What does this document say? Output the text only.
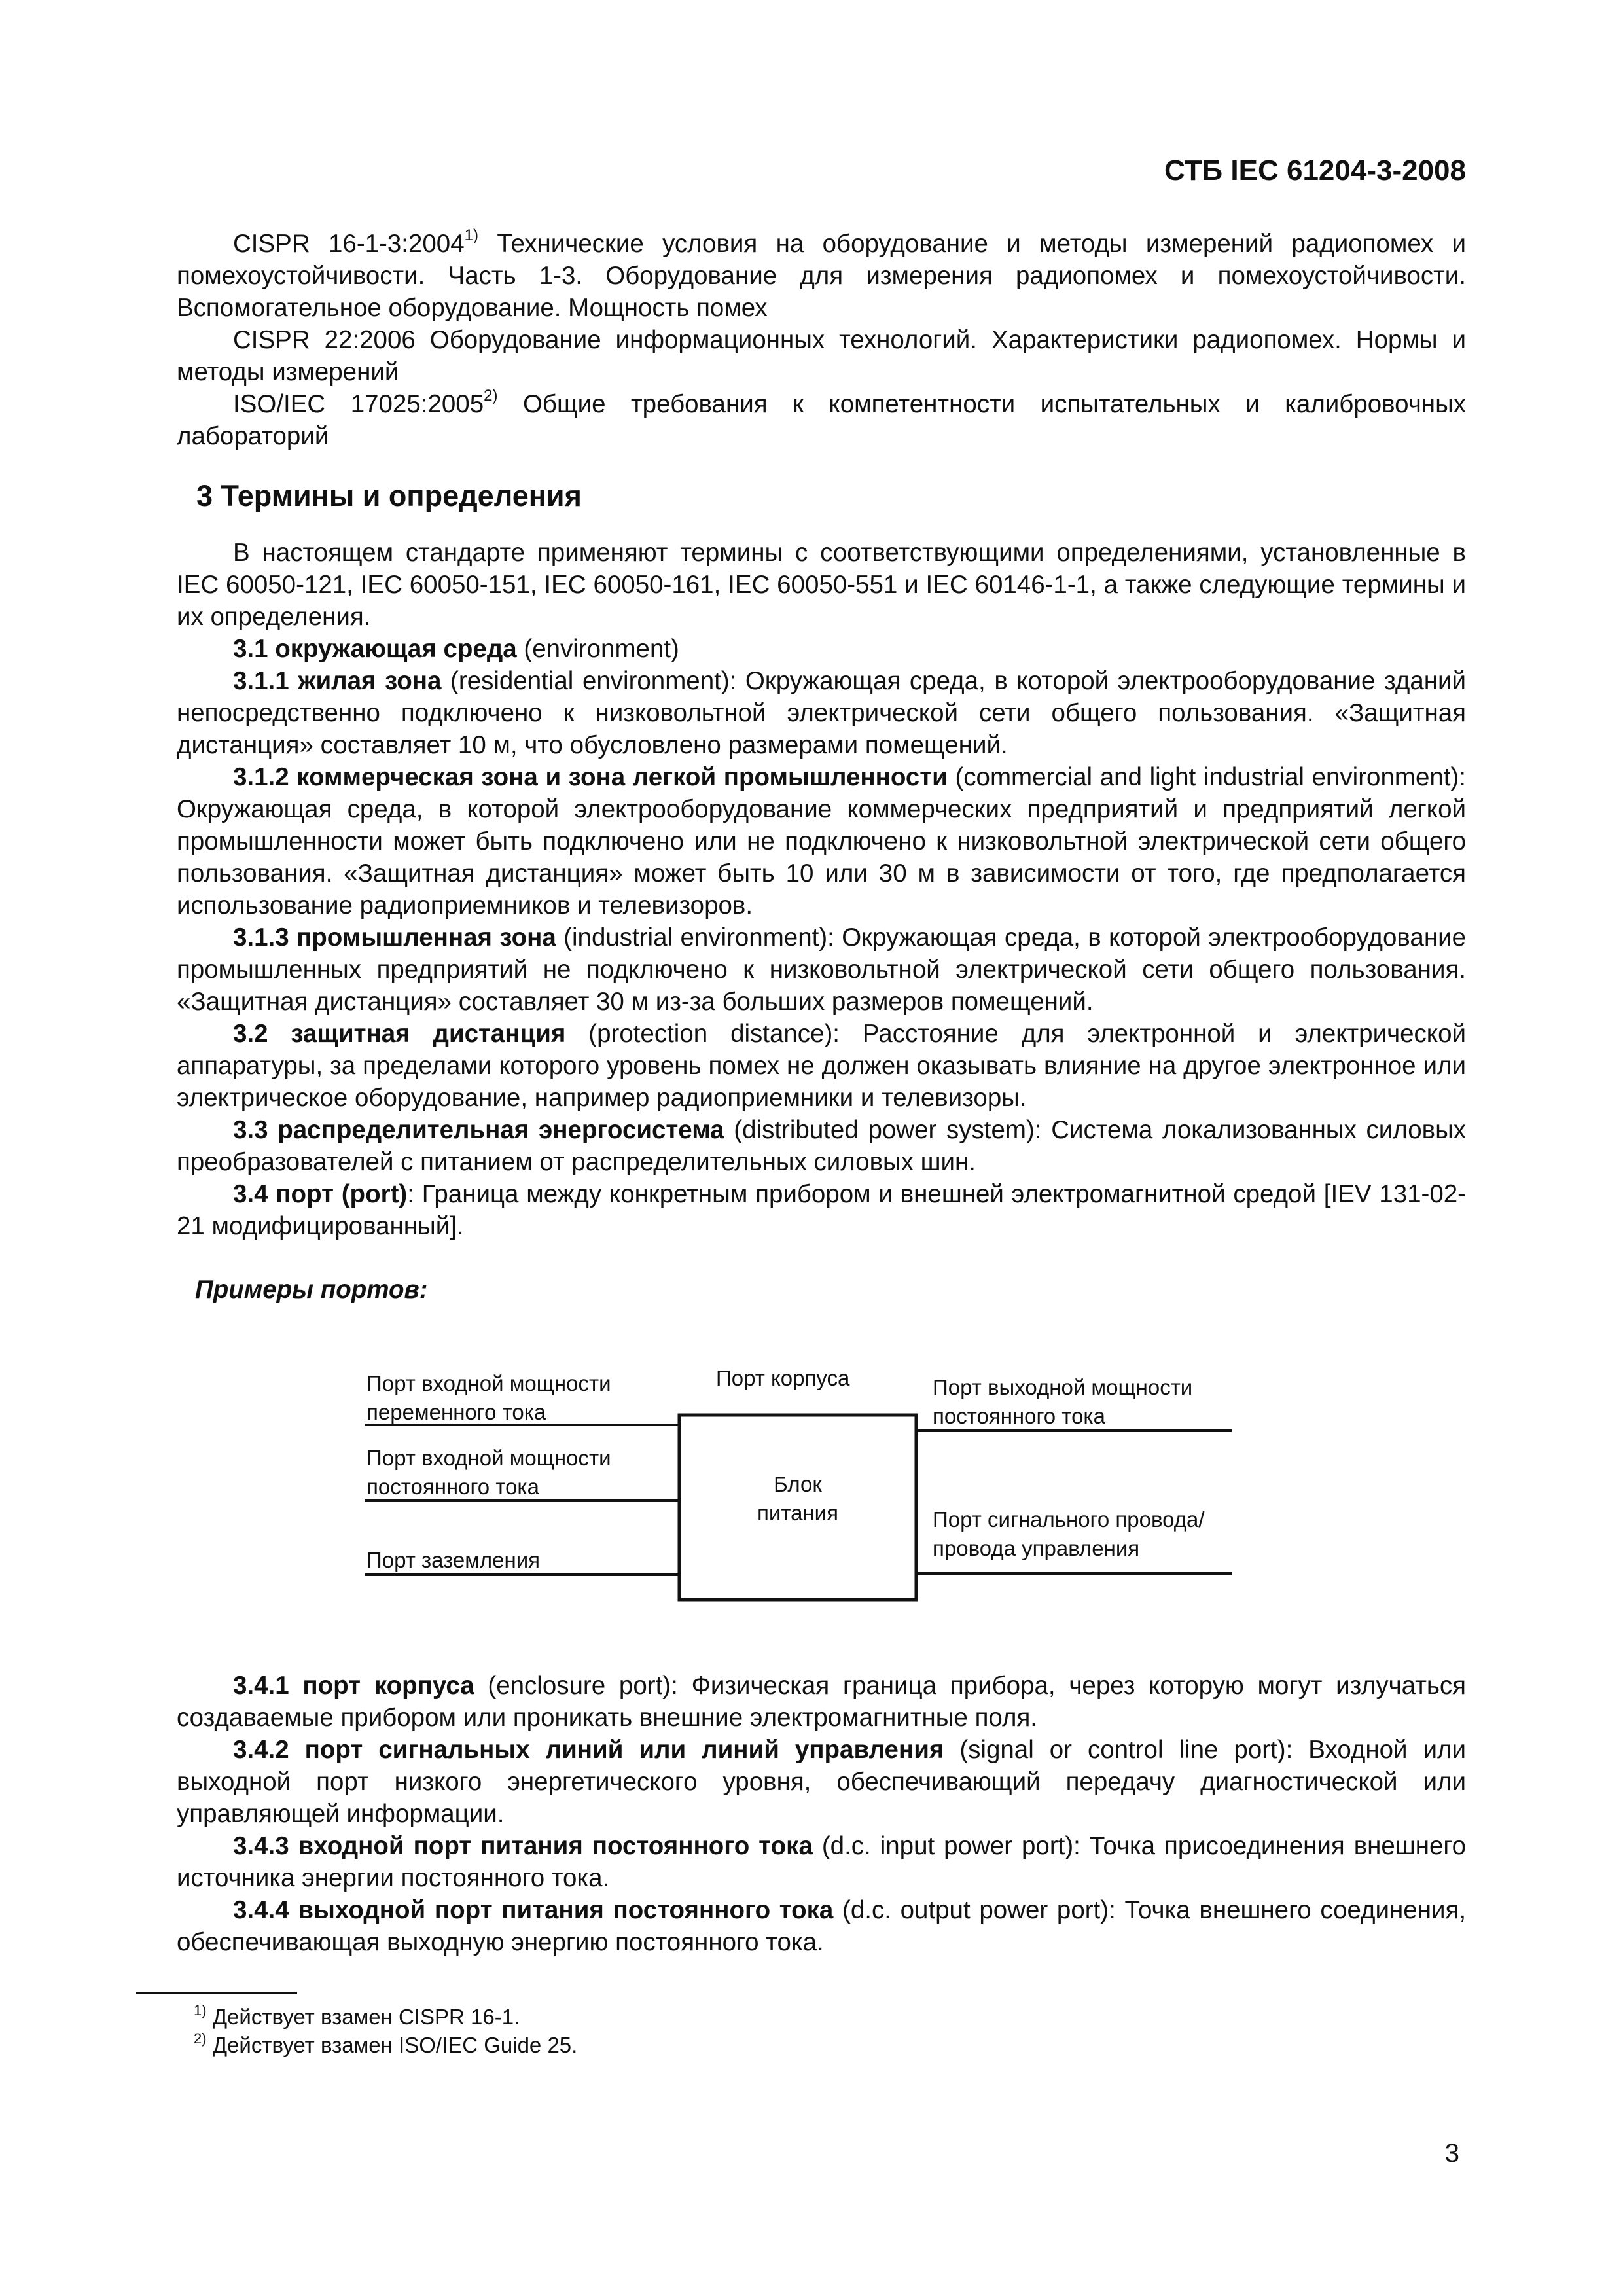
СТБ IEC 61204-3-2008

CISPR 16-1-3:2004$^{1)}$ Технические условия на оборудование и методы измерений радиопомех и помехоустойчивости. Часть 1-3. Оборудование для измерения радиопомех и помехоустойчивости. Вспомогательное оборудование. Мощность помех

CISPR 22:2006 Оборудование информационных технологий. Характеристики радиопомех. Нормы и методы измерений

ISO/IEC 17025:2005$^{2)}$ Общие требования к компетентности испытательных и калибровочных лабораторий

3 Термины и определения

В настоящем стандарте применяют термины с соответствующими определениями, установленные в IEC 60050-121, IEC 60050-151, IEC 60050-161, IEC 60050-551 и IEC 60146-1-1, а также следующие термины и их определения.

3.1 окружающая среда (environment)

3.1.1 жилая зона (residential environment): Окружающая среда, в которой электрооборудование зданий непосредственно подключено к низковольтной электрической сети общего пользования. «Защитная дистанция» составляет 10 м, что обусловлено размерами помещений.

3.1.2 коммерческая зона и зона легкой промышленности (commercial and light industrial environment): Окружающая среда, в которой электрооборудование коммерческих предприятий и предприятий легкой промышленности может быть подключено или не подключено к низковольтной электрической сети общего пользования. «Защитная дистанция» может быть 10 или 30 м в зависимости от того, где предполагается использование радиоприемников и телевизоров.

3.1.3 промышленная зона (industrial environment): Окружающая среда, в которой электрооборудование промышленных предприятий не подключено к низковольтной электрической сети общего пользования. «Защитная дистанция» составляет 30 м из-за больших размеров помещений.

3.2 защитная дистанция (protection distance): Расстояние для электронной и электрической аппаратуры, за пределами которого уровень помех не должен оказывать влияние на другое электронное или электрическое оборудование, например радиоприемники и телевизоры.

3.3 распределительная энергосистема (distributed power system): Система локализованных силовых преобразователей с питанием от распределительных силовых шин.

3.4 порт (port): Граница между конкретным прибором и внешней электромагнитной средой [IEV 131-02-21 модифицированный].

Примеры портов:

3.4.1 порт корпуса (enclosure port): Физическая граница прибора, через которую могут излучаться создаваемые прибором или проникать внешние электромагнитные поля.

3.4.2 порт сигнальных линий или линий управления (signal or control line port): Входной или выходной порт низкого энергетического уровня, обеспечивающий передачу диагностической или управляющей информации.

3.4.3 входной порт питания постоянного тока (d.c. input power port): Точка присоединения внешнего источника энергии постоянного тока.

3.4.4 выходной порт питания постоянного тока (d.c. output power port): Точка внешнего соединения, обеспечивающая выходную энергию постоянного тока.

Порт входной мощности
переменного тока
Порт входной мощности
постоянного тока
Порт заземления
Порт корпуса
Блок
питания
Порт выходной мощности
постоянного тока
Порт сигнального провода/
провода управления

$^{1)}$ Действует взамен CISPR 16-1.

$^{2)}$ Действует взамен ISO/IEC Guide 25.

3
